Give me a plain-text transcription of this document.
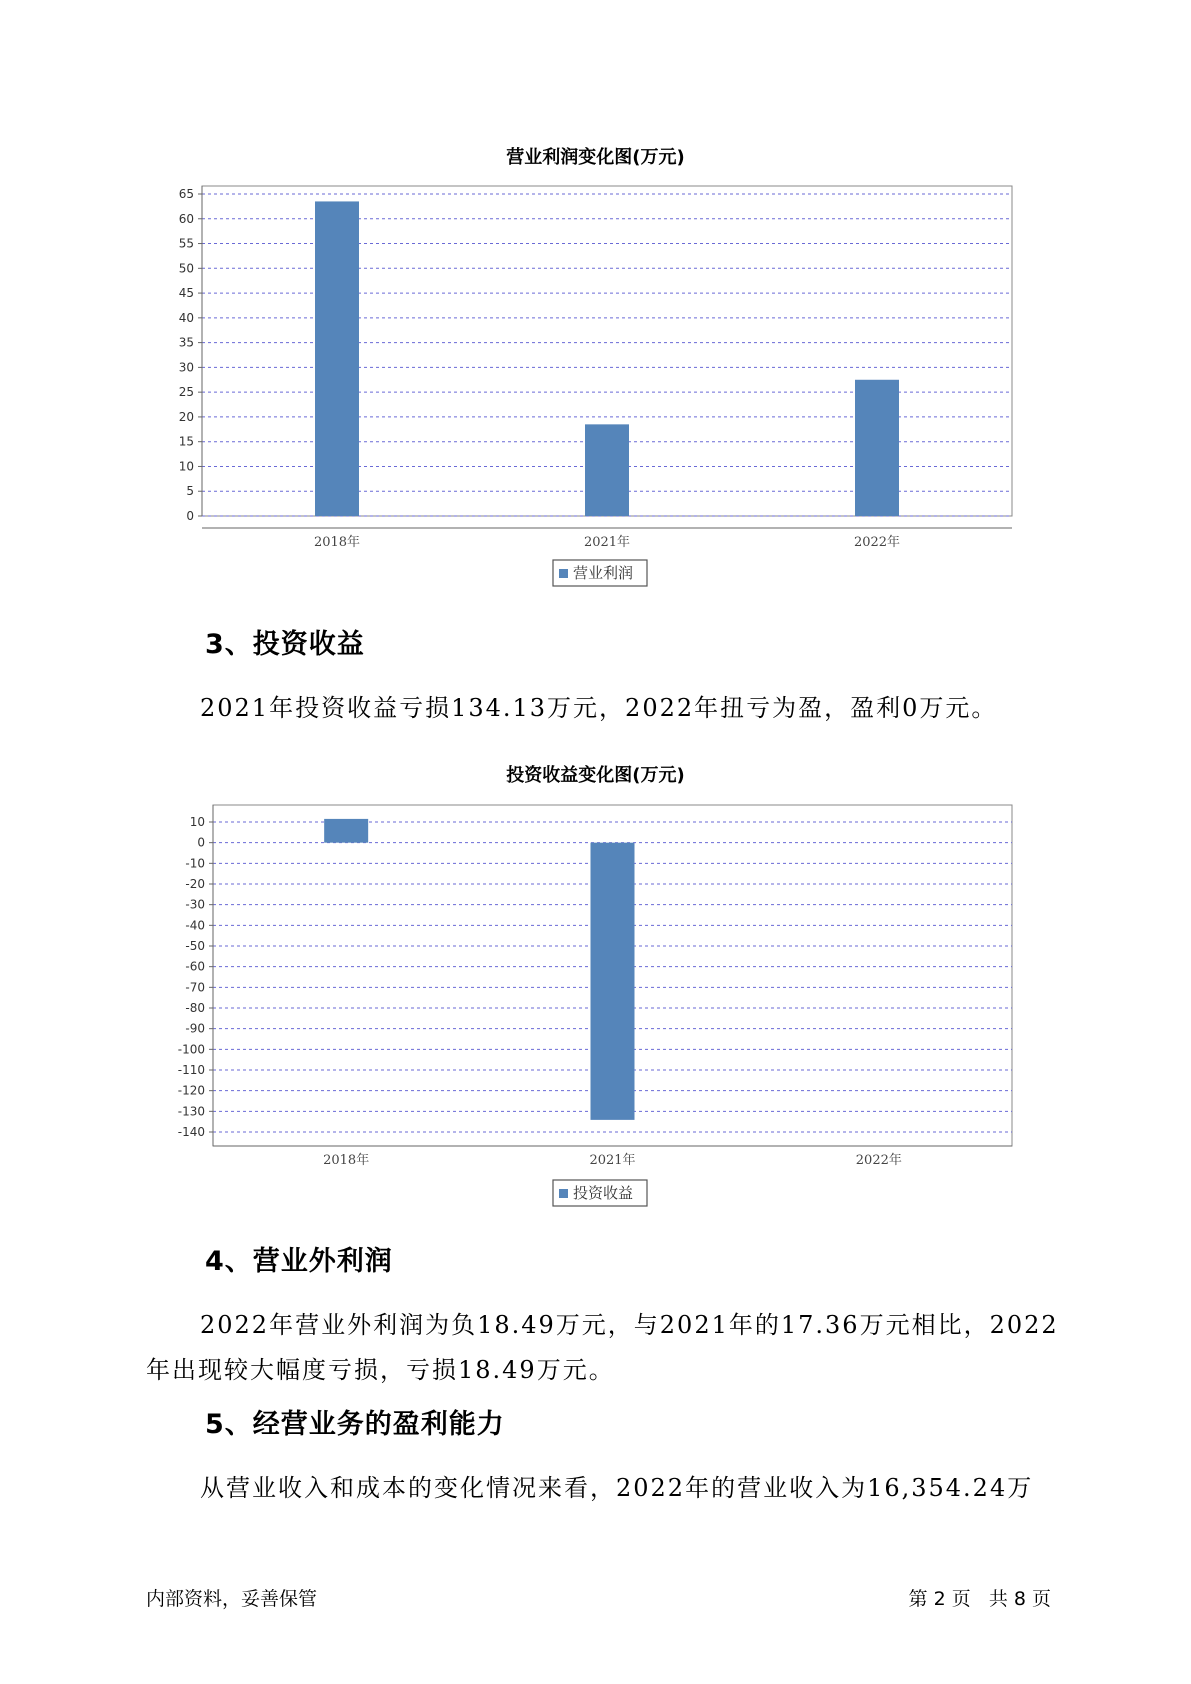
营业利润变化图(万元)
0
5
10
15
20
25
30
35
40
45
50
55
60
65
2018年	2021年	2022年
营业利润
3、投资收益
2021年投资收益亏损134.13万元，2022年扭亏为盈，盈利0万元。
投资收益变化图(万元)
10
0
-10
-20
-30
-40
-50
-60
-70
-80
-90
-100
-110
-120
-130
-140
2018年	2021年	2022年
投资收益
4、营业外利润
2022年营业外利润为负18.49万元，与2021年的17.36万元相比，2022
年出现较大幅度亏损，亏损18.49万元。
5、经营业务的盈利能力
从营业收入和成本的变化情况来看，2022年的营业收入为16,354.24万
内部资料，妥善保管	第 2 页   共 8 页
